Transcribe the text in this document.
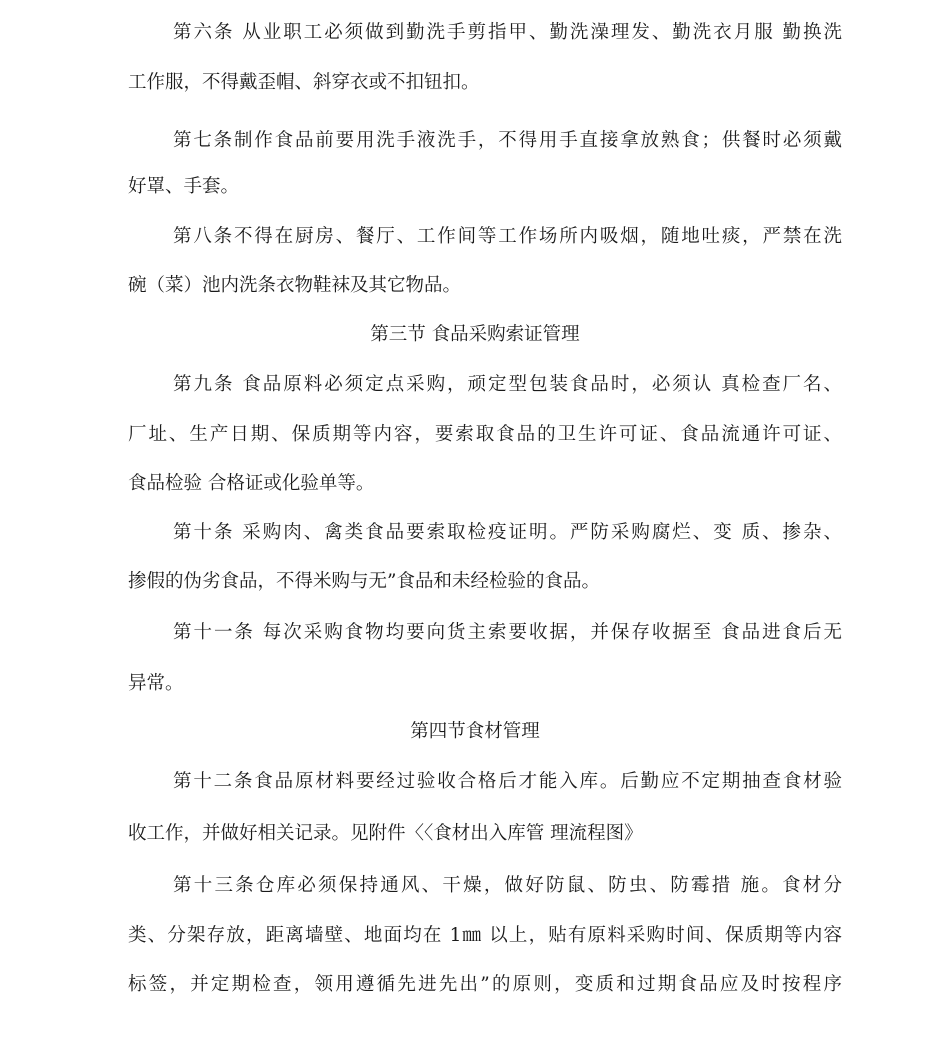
第六条 从业职工必须做到勤洗手剪指甲、勤洗澡理发、勤洗衣月服 勤换洗
工作服，不得戴歪帽、斜穿衣或不扣钮扣。
第七条制作食品前要用洗手液洗手，不得用手直接拿放熟食；供餐时必须戴
好罩、手套。
第八条不得在厨房、餐厅、工作间等工作场所内吸烟，随地吐痰，严禁在洗
碗（菜）池内洗条衣物鞋袜及其它物品。
第三节 食品采购索证管理
第九条 食品原料必须定点采购，顽定型包装食品时，必须认 真检查厂名、
厂址、生产日期、保质期等内容，要索取食品的卫生许可证、食品流通许可证、
食品检验 合格证或化验单等。
第十条 采购肉、禽类食品要索取检疫证明。严防采购腐烂、变 质、掺杂、
掺假的伪劣食品，不得米购与无”食品和未经检验的食品。
第十一条 每次采购食物均要向货主索要收据，并保存收据至 食品进食后无
异常。
第四节食材管理
第十二条食品原材料要经过验收合格后才能入库。后勤应不定期抽查食材验
收工作，并做好相关记录。见附件〈〈食材出入库管 理流程图》
第十三条仓库必须保持通风、干燥，做好防鼠、防虫、防霉措 施。食材分
类、分架存放，距离墙壁、地面均在 1㎜ 以上，贴有原料采购时间、保质期等内容
标签，并定期检查，领用遵循先进先出”的原则，变质和过期食品应及时按程序
